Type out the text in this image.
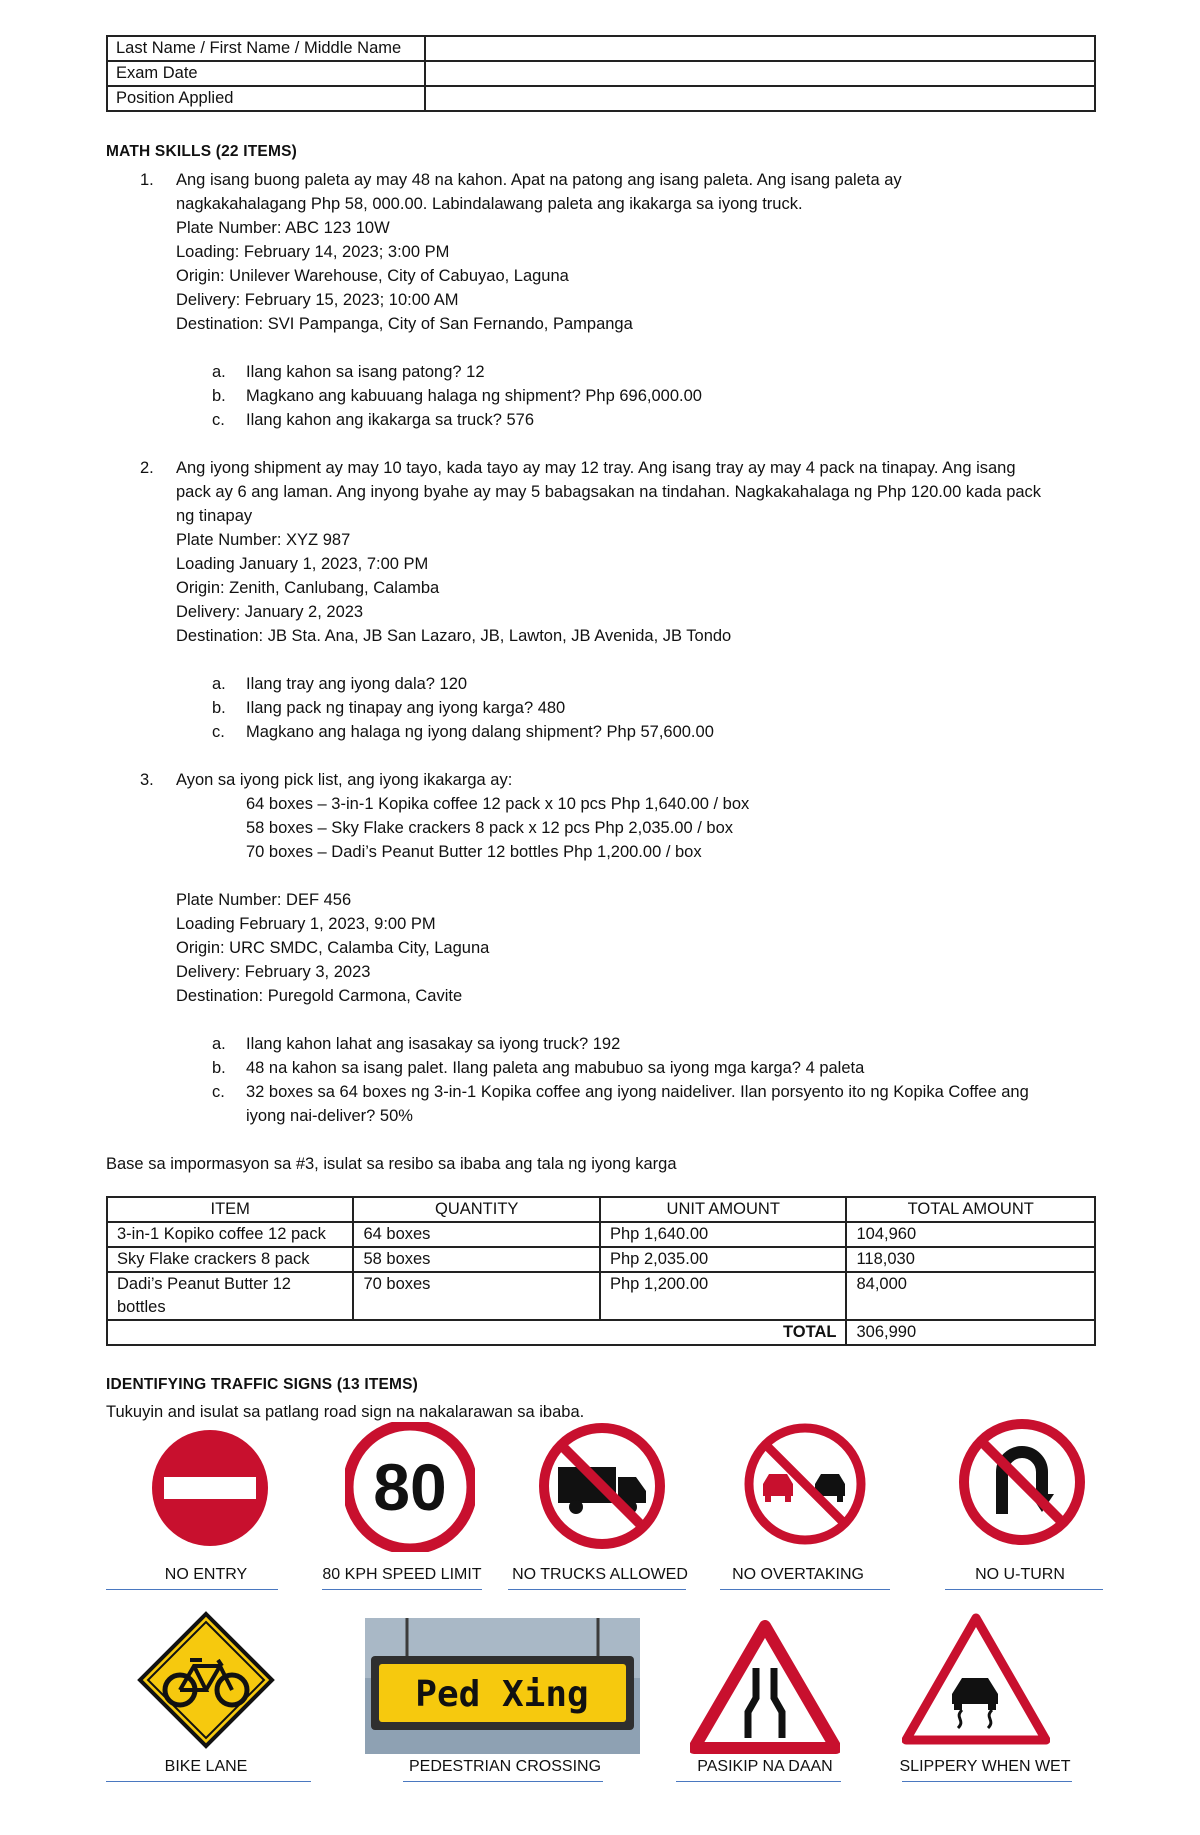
Last Name / First Name / Middle Name	
Exam Date	
Position Applied	
MATH SKILLS (22 ITEMS)
1. Ang isang buong paleta ay may 48 na kahon. Apat na patong ang isang paleta. Ang isang paleta ay
nagkakahalagang Php 58, 000.00. Labindalawang paleta ang ikakarga sa iyong truck.
Plate Number: ABC 123 10W
Loading: February 14, 2023; 3:00 PM
Origin: Unilever Warehouse, City of Cabuyao, Laguna
Delivery: February 15, 2023; 10:00 AM
Destination: SVI Pampanga, City of San Fernando, Pampanga
a. Ilang kahon sa isang patong? 12
b. Magkano ang kabuuang halaga ng shipment? Php 696,000.00
c. Ilang kahon ang ikakarga sa truck? 576
2. Ang iyong shipment ay may 10 tayo, kada tayo ay may 12 tray. Ang isang tray ay may 4 pack na tinapay. Ang isang
pack ay 6 ang laman. Ang inyong byahe ay may 5 babagsakan na tindahan. Nagkakahalaga ng Php 120.00 kada pack
ng tinapay
Plate Number: XYZ 987
Loading January 1, 2023, 7:00 PM
Origin: Zenith, Canlubang, Calamba
Delivery: January 2, 2023
Destination: JB Sta. Ana, JB San Lazaro, JB, Lawton, JB Avenida, JB Tondo
a. Ilang tray ang iyong dala? 120
b. Ilang pack ng tinapay ang iyong karga? 480
c. Magkano ang halaga ng iyong dalang shipment? Php 57,600.00
3. Ayon sa iyong pick list, ang iyong ikakarga ay:
64 boxes – 3-in-1 Kopika coffee 12 pack x 10 pcs Php 1,640.00 / box
58 boxes – Sky Flake crackers 8 pack x 12 pcs Php 2,035.00 / box
70 boxes – Dadi’s Peanut Butter 12 bottles Php 1,200.00 / box
Plate Number: DEF 456
Loading February 1, 2023, 9:00 PM
Origin: URC SMDC, Calamba City, Laguna
Delivery: February 3, 2023
Destination: Puregold Carmona, Cavite
a. Ilang kahon lahat ang isasakay sa iyong truck? 192
b. 48 na kahon sa isang palet. Ilang paleta ang mabubuo sa iyong mga karga? 4 paleta
c. 32 boxes sa 64 boxes ng 3-in-1 Kopika coffee ang iyong naideliver. Ilan porsyento ito ng Kopika Coffee ang
iyong nai-deliver? 50%
Base sa impormasyon sa #3, isulat sa resibo sa ibaba ang tala ng iyong karga
ITEM	QUANTITY	UNIT AMOUNT	TOTAL AMOUNT
3-in-1 Kopiko coffee 12 pack	64 boxes	Php 1,640.00	104,960
Sky Flake crackers 8 pack	58 boxes	Php 2,035.00	118,030
Dadi’s Peanut Butter 12 bottles	70 boxes	Php 1,200.00	84,000
TOTAL			306,990
IDENTIFYING TRAFFIC SIGNS (13 ITEMS)
Tukuyin and isulat sa patlang road sign na nakalarawan sa ibaba.
80
NO ENTRY	80 KPH SPEED LIMIT	NO TRUCKS ALLOWED	NO OVERTAKING	NO U-TURN
Ped Xing
BIKE LANE	PEDESTRIAN CROSSING	PASIKIP NA DAAN	SLIPPERY WHEN WET
